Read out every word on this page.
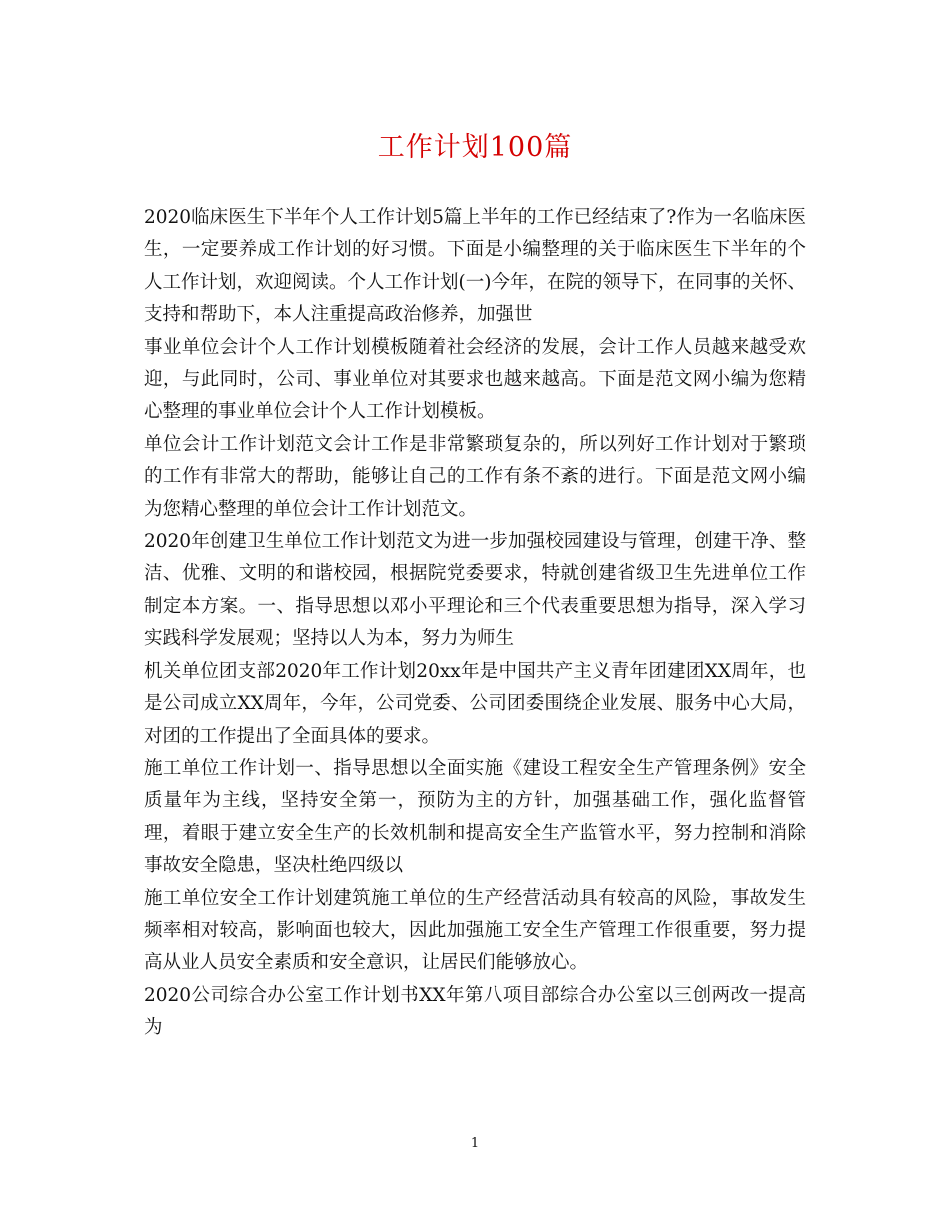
工作计划100篇

2020临床医生下半年个人工作计划5篇上半年的工作已经结束了?作为一名临床医生，一定要养成工作计划的好习惯。下面是小编整理的关于临床医生下半年的个人工作计划，欢迎阅读。个人工作计划(一)今年，在院的领导下，在同事的关怀、支持和帮助下，本人注重提高政治修养，加强世

事业单位会计个人工作计划模板随着社会经济的发展，会计工作人员越来越受欢迎，与此同时，公司、事业单位对其要求也越来越高。下面是范文网小编为您精心整理的事业单位会计个人工作计划模板。

单位会计工作计划范文会计工作是非常繁琐复杂的，所以列好工作计划对于繁琐的工作有非常大的帮助，能够让自己的工作有条不紊的进行。下面是范文网小编为您精心整理的单位会计工作计划范文。

2020年创建卫生单位工作计划范文为进一步加强校园建设与管理，创建干净、整洁、优雅、文明的和谐校园，根据院党委要求，特就创建省级卫生先进单位工作制定本方案。一、指导思想以邓小平理论和三个代表重要思想为指导，深入学习实践科学发展观；坚持以人为本，努力为师生

机关单位团支部2020年工作计划20xx年是中国共产主义青年团建团XX周年，也是公司成立XX周年，今年，公司党委、公司团委围绕企业发展、服务中心大局，对团的工作提出了全面具体的要求。

施工单位工作计划一、指导思想以全面实施《建设工程安全生产管理条例》安全质量年为主线，坚持安全第一，预防为主的方针，加强基础工作，强化监督管理，着眼于建立安全生产的长效机制和提高安全生产监管水平，努力控制和消除事故安全隐患，坚决杜绝四级以

施工单位安全工作计划建筑施工单位的生产经营活动具有较高的风险，事故发生频率相对较高，影响面也较大，因此加强施工安全生产管理工作很重要，努力提高从业人员安全素质和安全意识，让居民们能够放心。

2020公司综合办公室工作计划书XX年第八项目部综合办公室以三创两改一提高为

1
